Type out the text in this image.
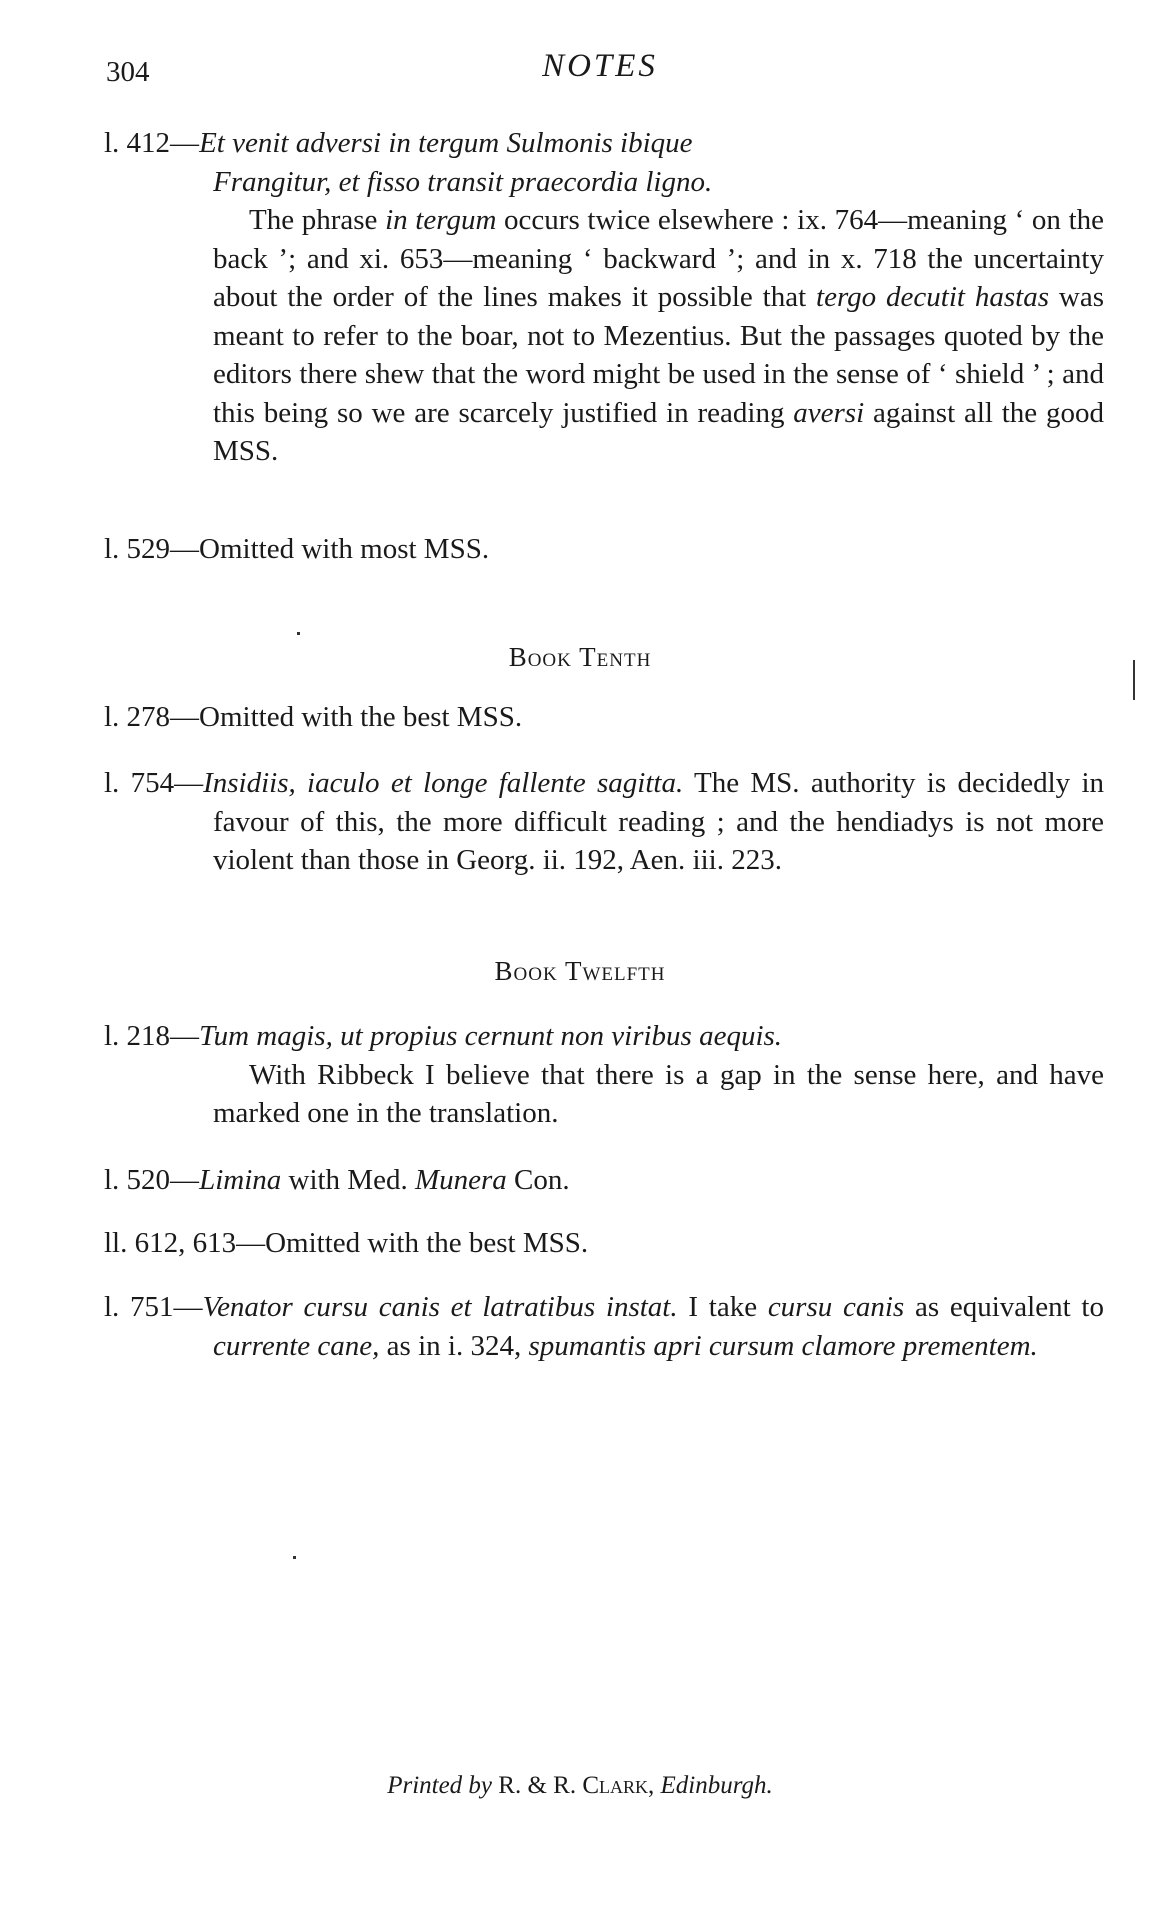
304	NOTES
l. 412—Et venit adversi in tergum Sulmonis ibique
Frangitur, et fisso transit praecordia ligno.
The phrase in tergum occurs twice elsewhere : ix. 764—meaning ‘ on the back ’; and xi. 653—meaning ‘ backward ’; and in x. 718 the uncertainty about the order of the lines makes it possible that tergo decutit hastas was meant to refer to the boar, not to Mezentius. But the passages quoted by the editors there shew that the word might be used in the sense of ‘ shield ’ ; and this being so we are scarcely justified in reading aversi against all the good MSS.
l. 529—Omitted with most MSS.
Book Tenth
l. 278—Omitted with the best MSS.
l. 754—Insidiis, iaculo et longe fallente sagitta. The MS. authority is decidedly in favour of this, the more difficult reading ; and the hendiadys is not more violent than those in Georg. ii. 192, Aen. iii. 223.
Book Twelfth
l. 218—Tum magis, ut propius cernunt non viribus aequis.
With Ribbeck I believe that there is a gap in the sense here, and have marked one in the translation.
l. 520—Limina with Med. Munera Con.
ll. 612, 613—Omitted with the best MSS.
l. 751—Venator cursu canis et latratibus instat. I take cursu canis as equivalent to currente cane, as in i. 324, spumantis apri cursum clamore prementem.
Printed by R. & R. Clark, Edinburgh.
